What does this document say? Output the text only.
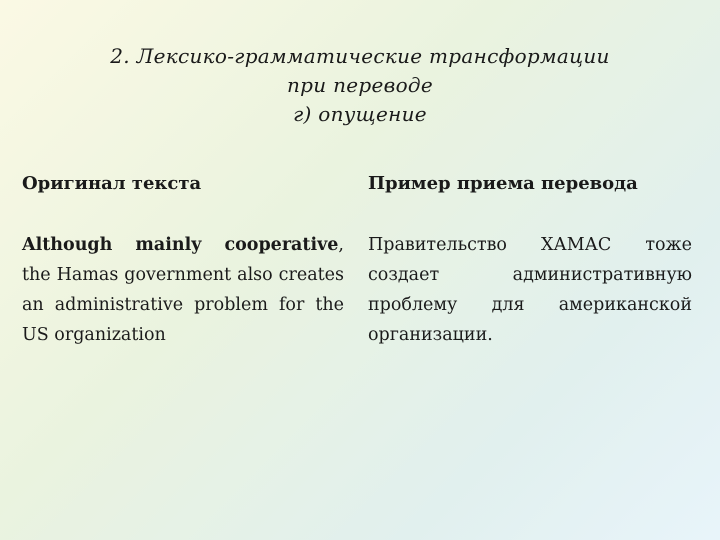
2. Лексико-грамматические трансформации
при переводе
г) опущение
Оригинал текста	Пример приема перевода
Although mainly cooperative, the Hamas government also creates an administrative problem for the US organization
Правительство ХАМАС тоже создает административную проблему для американской организации.
